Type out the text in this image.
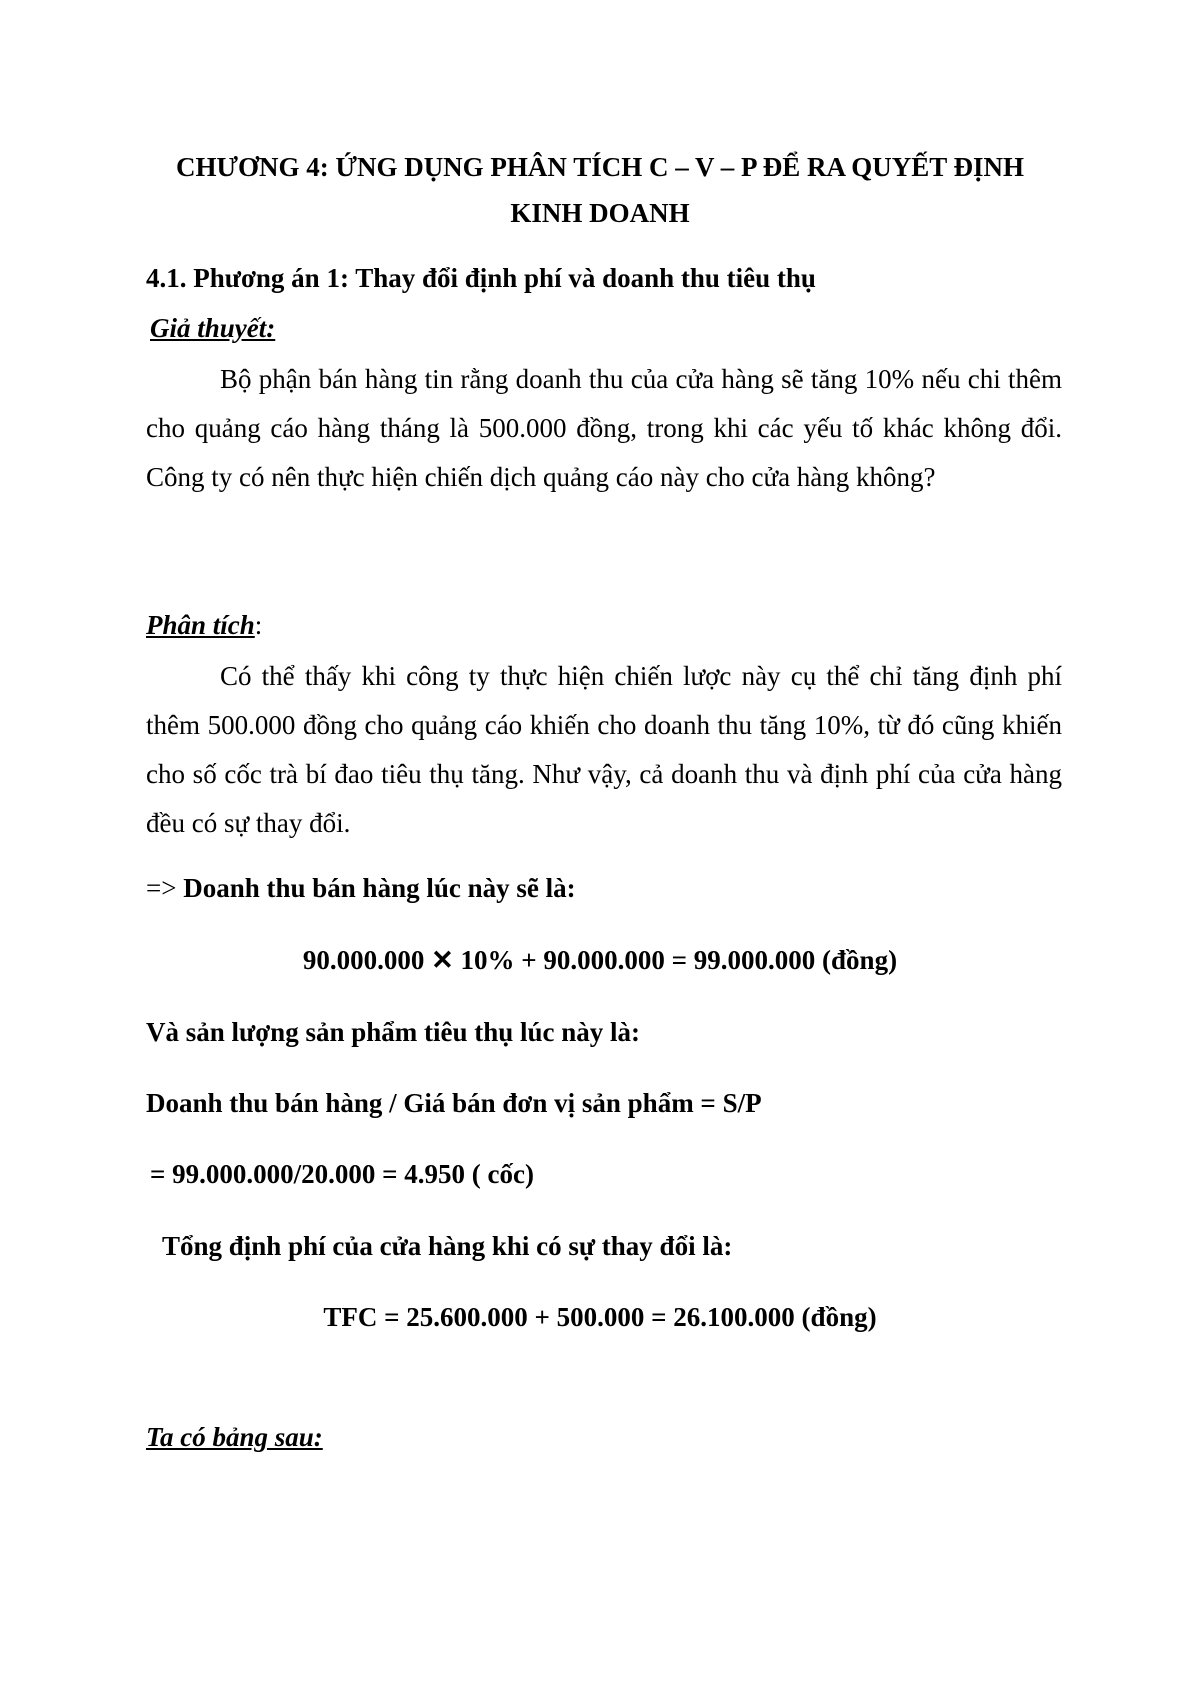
CHƯƠNG 4: ỨNG DỤNG PHÂN TÍCH C – V – P ĐỂ RA QUYẾT ĐỊNH
KINH DOANH
4.1. Phương án 1: Thay đổi định phí và doanh thu tiêu thụ
Giả thuyết:
Bộ phận bán hàng tin rằng doanh thu của cửa hàng sẽ tăng 10% nếu chi thêm cho quảng cáo hàng tháng là 500.000 đồng, trong khi các yếu tố khác không đổi. Công ty có nên thực hiện chiến dịch quảng cáo này cho cửa hàng không?
Phân tích:
Có thể thấy khi công ty thực hiện chiến lược này cụ thể chỉ tăng định phí thêm 500.000 đồng cho quảng cáo khiến cho doanh thu tăng 10%, từ đó cũng khiến cho số cốc trà bí đao tiêu thụ tăng. Như vậy, cả doanh thu và định phí của cửa hàng đều có sự thay đổi.
=> Doanh thu bán hàng lúc này sẽ là:
90.000.000 ✕ 10% + 90.000.000 = 99.000.000 (đồng)
Và sản lượng sản phẩm tiêu thụ lúc này là:
Doanh thu bán hàng / Giá bán đơn vị sản phẩm = S/P
= 99.000.000/20.000 = 4.950 ( cốc)
Tổng định phí của cửa hàng khi có sự thay đổi là:
TFC = 25.600.000 + 500.000 = 26.100.000 (đồng)
Ta có bảng sau:
